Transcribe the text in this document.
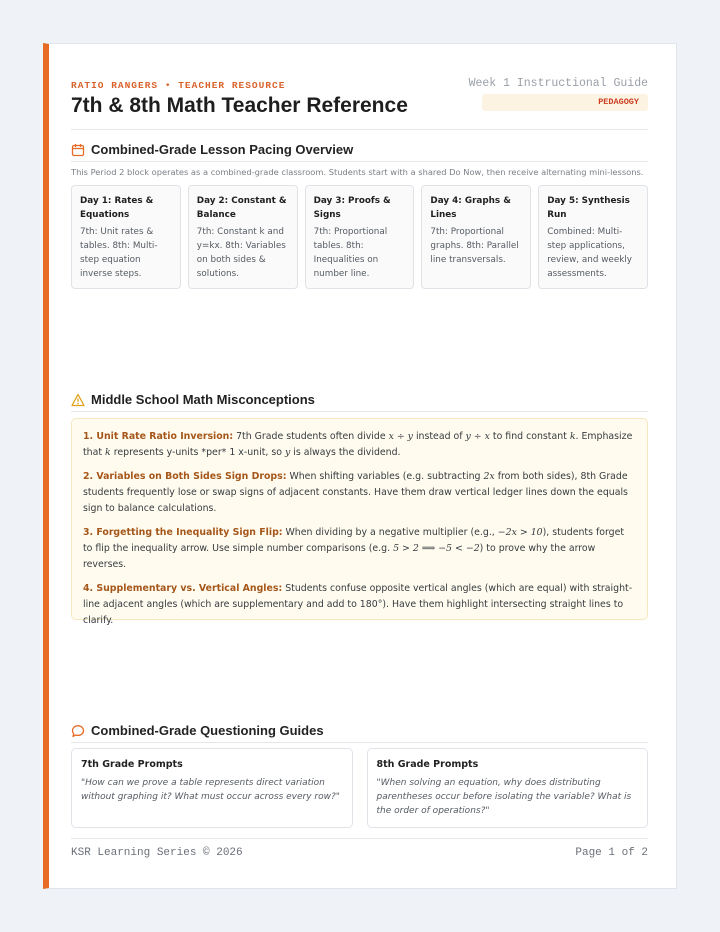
RATIO RANGERS • TEACHER RESOURCE
7th & 8th Math Teacher Reference
Week 1 Instructional Guide
PEDAGOGY
Combined-Grade Lesson Pacing Overview
This Period 2 block operates as a combined-grade classroom. Students start with a shared Do Now, then receive alternating mini-lessons.
Day 1: Rates & Equations
7th: Unit rates & tables. 8th: Multi-step equation inverse steps.
Day 2: Constant & Balance
7th: Constant k and y=kx. 8th: Variables on both sides & solutions.
Day 3: Proofs & Signs
7th: Proportional tables. 8th: Inequalities on number line.
Day 4: Graphs & Lines
7th: Proportional graphs. 8th: Parallel line transversals.
Day 5: Synthesis Run
Combined: Multi-step applications, review, and weekly assessments.
Middle School Math Misconceptions
1. Unit Rate Ratio Inversion: 7th Grade students often divide x ÷ y instead of y ÷ x to find constant k. Emphasize that k represents y-units *per* 1 x-unit, so y is always the dividend.
2. Variables on Both Sides Sign Drops: When shifting variables (e.g. subtracting 2x from both sides), 8th Grade students frequently lose or swap signs of adjacent constants. Have them draw vertical ledger lines down the equals sign to balance calculations.
3. Forgetting the Inequality Sign Flip: When dividing by a negative multiplier (e.g., −2x > 10), students forget to flip the inequality arrow. Use simple number comparisons (e.g. 5 > 2 ⟹ −5 < −2) to prove why the arrow reverses.
4. Supplementary vs. Vertical Angles: Students confuse opposite vertical angles (which are equal) with straight-line adjacent angles (which are supplementary and add to 180°). Have them highlight intersecting straight lines to clarify.
Combined-Grade Questioning Guides
7th Grade Prompts
"How can we prove a table represents direct variation without graphing it? What must occur across every row?"
8th Grade Prompts
"When solving an equation, why does distributing parentheses occur before isolating the variable? What is the order of operations?"
KSR Learning Series © 2026	Page 1 of 2
